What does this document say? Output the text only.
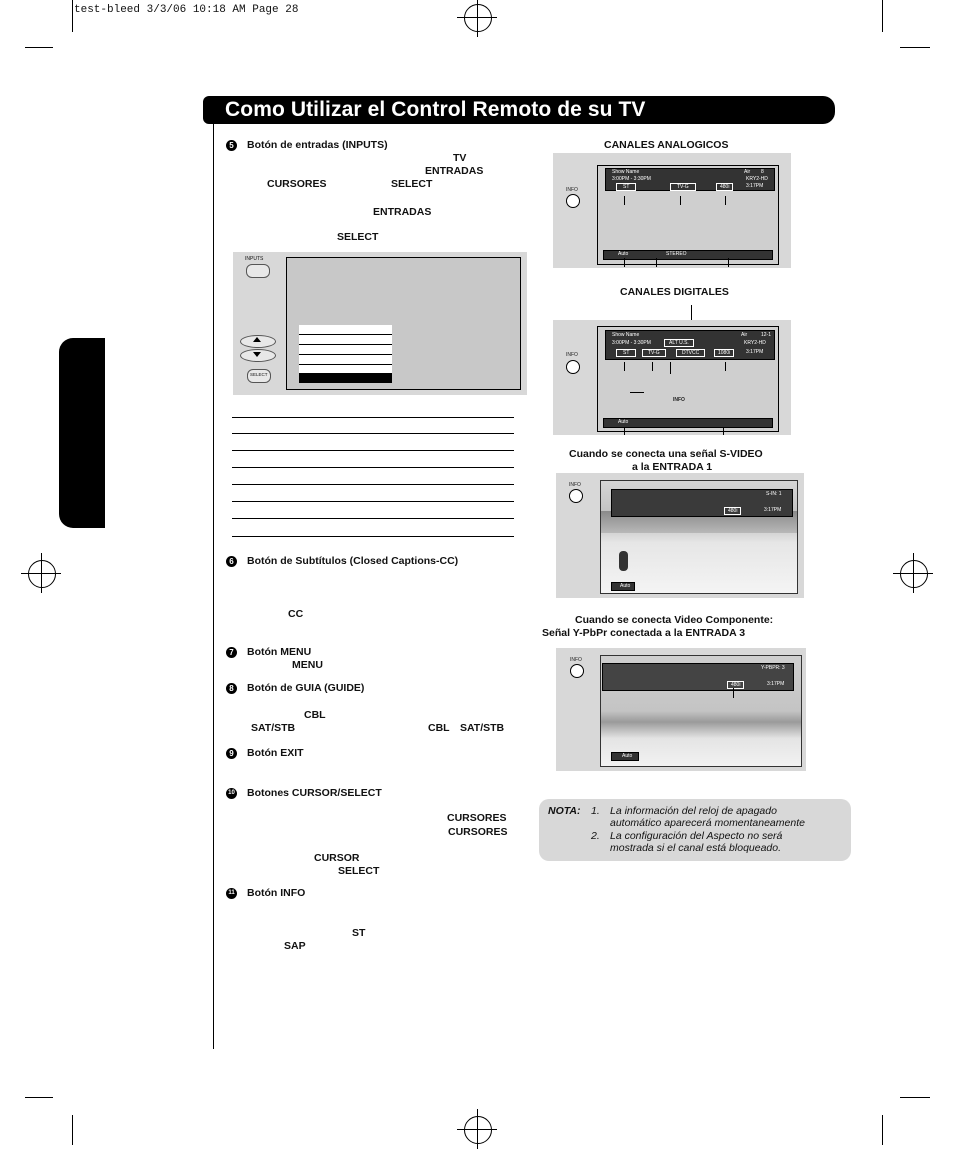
test-bleed 3/3/06 10:18 AM Page 28
Como Utilizar el Control Remoto de su TV
5	Botón de entradas (INPUTS)
6	Botón de Subtítulos (Closed Captions-CC)
7	Botón MENU
8	Botón de GUIA (GUIDE)
9	Botón EXIT
10 Botones CURSOR/SELECT
11 Botón INFO
TV
ENTRADAS
CURSORES	SELECT
ENTRADAS
SELECT
CC
MENU
CBL
SAT/STB	CBL SAT/STB
CURSORES
CURSORES
CURSOR
SELECT
ST
SAP
INPUTS
SELECT
CANALES ANALOGICOS
INFO
Show Name	Air 8
3:00PM - 3:30PM	KRY2-HD
ST	TV-G	480i	3:17PM
Auto	STEREO
CANALES DIGITALES
INFO
Show Name	Air	12-1
3:00PM - 3:30PM	ALT U.S.	KRY2-HD
ST	TV-G	DTVCC	1080i	3:17PM
INFO
Auto
Cuando se conecta una señal S-VIDEO
a la ENTRADA 1
INFO
S-IN: 1
480i	3:17PM
Auto
Cuando se conecta Video Componente:
Señal Y-PbPr conectada a la ENTRADA 3
INFO
Y-PBPR: 3
480i	3:17PM
Auto
NOTA: 1. La información del reloj de apagado
automático aparecerá momentaneamente
2. La configuración del Aspecto no será
mostrada si el canal está bloqueado.
